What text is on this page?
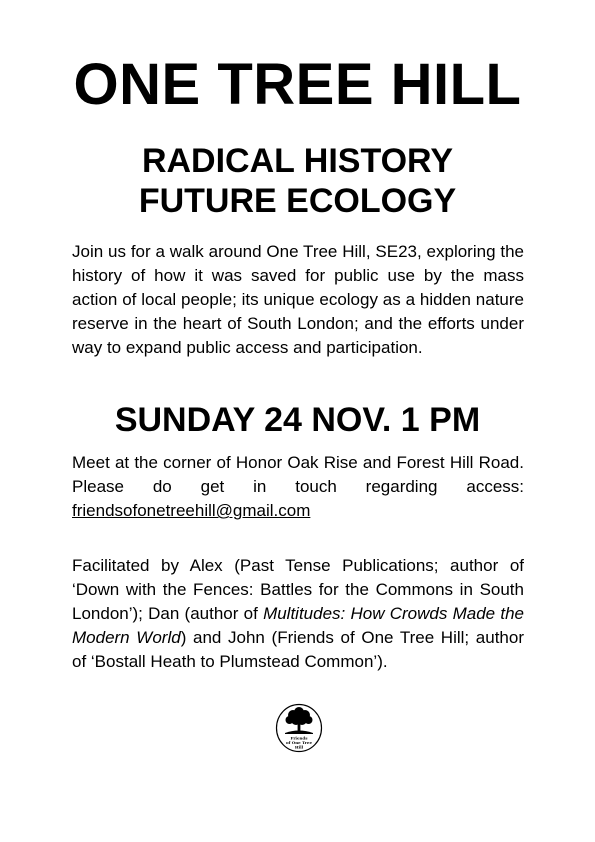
ONE TREE HILL
RADICAL HISTORY
FUTURE ECOLOGY

Join us for a walk around One Tree Hill, SE23, exploring the history of how it was saved for public use by the mass action of local people; its unique ecology as a hidden nature reserve in the heart of South London; and the efforts under way to expand public access and participation.

SUNDAY 24 NOV. 1 PM

Meet at the corner of Honor Oak Rise and Forest Hill Road. Please do get in touch regarding access: friendsofonetreehill@gmail.com

Facilitated by Alex (Past Tense Publications; author of ‘Down with the Fences: Battles for the Commons in South London’); Dan (author of Multitudes: How Crowds Made the Modern World) and John (Friends of One Tree Hill; author of ‘Bostall Heath to Plumstead Common’).

Friends
of One Tree
Hill
